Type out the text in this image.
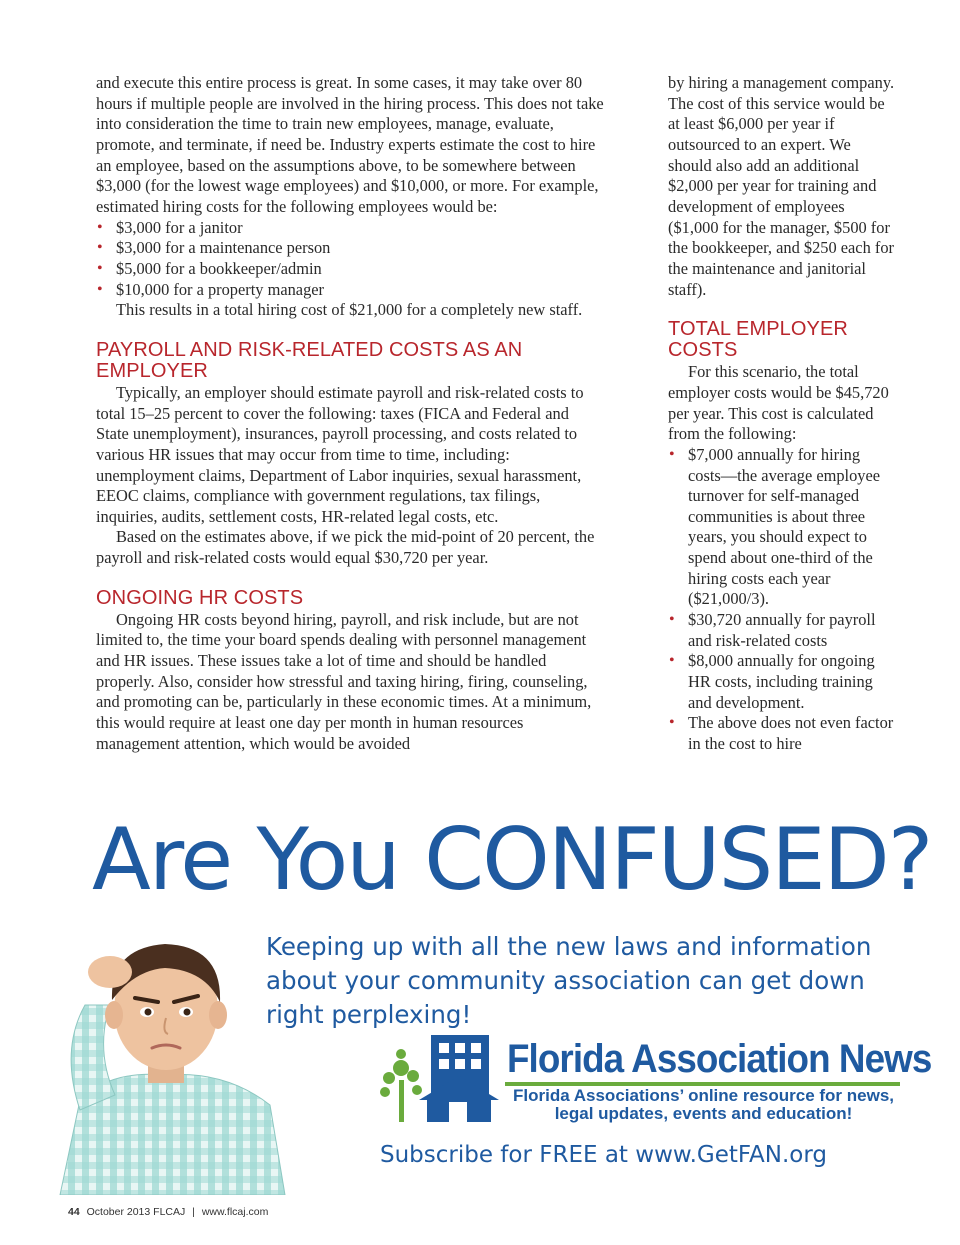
and execute this entire process is great. In some cases, it may take over 80 hours if multiple people are involved in the hiring process. This does not take into consideration the time to train new employees, manage, evaluate, promote, and terminate, if need be. Industry experts estimate the cost to hire an employee, based on the assumptions above, to be somewhere between $3,000 (for the lowest wage employees) and $10,000, or more. For example, estimated hiring costs for the following employees would be:

• $3,000 for a janitor
• $3,000 for a maintenance person
• $5,000 for a bookkeeper/admin
• $10,000 for a property manager

This results in a total hiring cost of $21,000 for a completely new staff.

PAYROLL AND RISK-RELATED COSTS AS AN EMPLOYER

Typically, an employer should estimate payroll and risk-related costs to total 15–25 percent to cover the following: taxes (FICA and Federal and State unemployment), insurances, payroll processing, and costs related to various HR issues that may occur from time to time, including: unemployment claims, Department of Labor inquiries, sexual harassment, EEOC claims, compliance with government regulations, tax filings, inquiries, audits, settlement costs, HR-related legal costs, etc.

Based on the estimates above, if we pick the mid-point of 20 percent, the payroll and risk-related costs would equal $30,720 per year.

ONGOING HR COSTS

Ongoing HR costs beyond hiring, payroll, and risk include, but are not limited to, the time your board spends dealing with personnel management and HR issues. These issues take a lot of time and should be handled properly. Also, consider how stressful and taxing hiring, firing, counseling, and promoting can be, particularly in these economic times. At a minimum, this would require at least one day per month in human resources management attention, which would be avoided

by hiring a management company. The cost of this service would be at least $6,000 per year if outsourced to an expert. We should also add an additional $2,000 per year for training and development of employees ($1,000 for the manager, $500 for the bookkeeper, and $250 each for the maintenance and janitorial staff).

TOTAL EMPLOYER COSTS

For this scenario, the total employer costs would be $45,720 per year. This cost is calculated from the following:

• $7,000 annually for hiring costs—the average employee turnover for self-managed communities is about three years, you should expect to spend about one-third of the hiring costs each year ($21,000/3).
• $30,720 annually for payroll and risk-related costs
• $8,000 annually for ongoing HR costs, including training and development.
• The above does not even factor in the cost to hire
Are You CONFUSED?
Keeping up with all the new laws and information about your community association can get down right perplexing!
Florida Association News
Florida Associations’ online resource for news, legal updates, events and education!
Subscribe for FREE at www.GetFAN.org
44 October 2013 FLCAJ | www.flcaj.com
